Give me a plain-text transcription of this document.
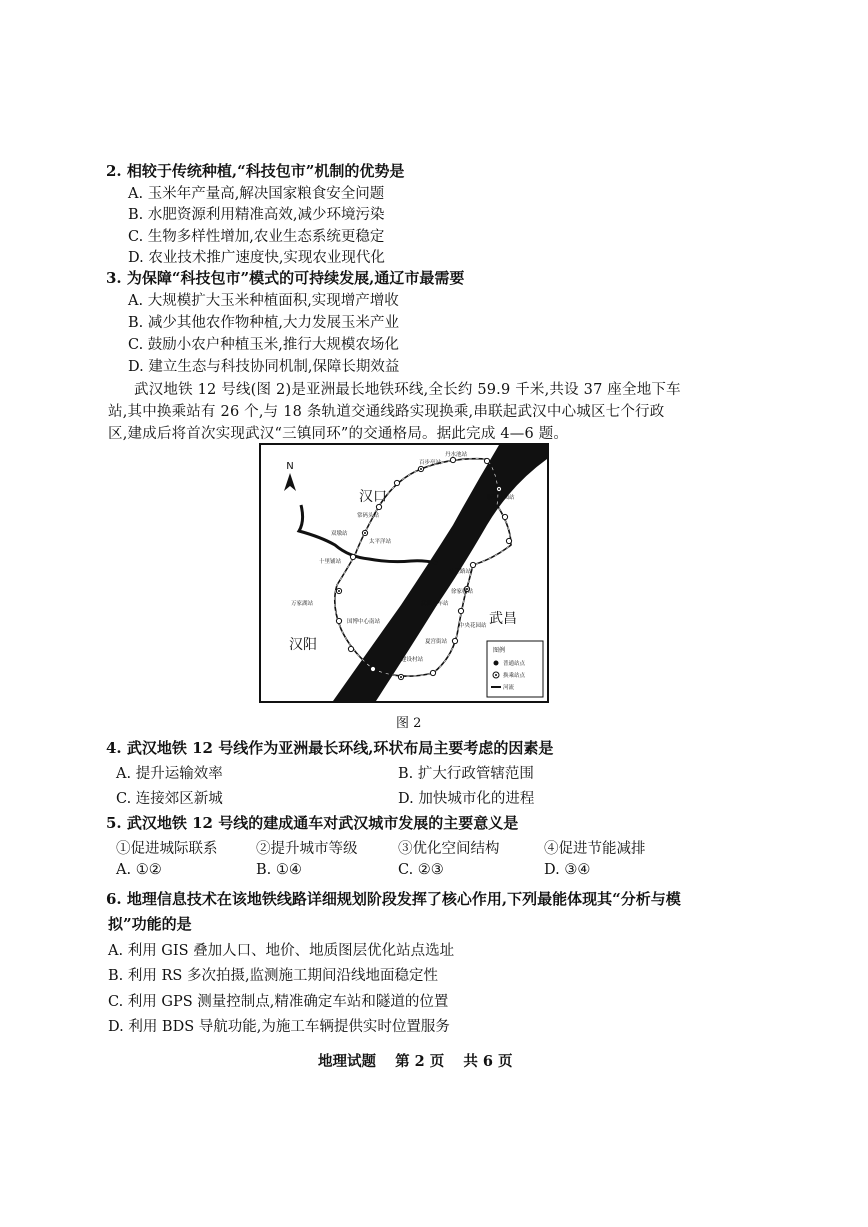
2. 相较于传统种植,“科技包市”机制的优势是
A. 玉米年产量高,解决国家粮食安全问题
B. 水肥资源利用精准高效,减少环境污染
C. 生物多样性增加,农业生态系统更稳定
D. 农业技术推广速度快,实现农业现代化
3. 为保障“科技包市”模式的可持续发展,通辽市最需要
A. 大规模扩大玉米种植面积,实现增产增收
B. 减少其他农作物种植,大力发展玉米产业
C. 鼓励小农户种植玉米,推行大规模农场化
D. 建立生态与科技协同机制,保障长期效益
武汉地铁 12 号线(图 2)是亚洲最长地铁环线,全长约 59.9 千米,共设 37 座全地下车
站,其中换乘站有 26 个,与 18 条轨道交通线路实现换乘,串联起武汉中心城区七个行政
区,建成后将首次实现武汉“三镇同环”的交通格局。据此完成 4—6 题。
N
汉口
汉阳
武昌
百步亭站
丹水池站
新荣公园站
常码头站
双墩站
太平洋站
十里铺站
公正路站
徐家棚站
万家湖站	武昌火车站
国博中心南站
中央花园站
夏宫街站
建设村站
图例
普通站点
换乘站点
河流
图 2
4. 武汉地铁 12 号线作为亚洲最长环线,环状布局主要考虑的因素是
A. 提升运输效率	B. 扩大行政管辖范围
C. 连接郊区新城	D. 加快城市化的进程
5. 武汉地铁 12 号线的建成通车对武汉城市发展的主要意义是
①促进城际联系	②提升城市等级	③优化空间结构	④促进节能减排
A. ①②	B. ①④	C. ②③	D. ③④
6. 地理信息技术在该地铁线路详细规划阶段发挥了核心作用,下列最能体现其“分析与模
拟”功能的是
A. 利用 GIS 叠加人口、地价、地质图层优化站点选址
B. 利用 RS 多次拍摄,监测施工期间沿线地面稳定性
C. 利用 GPS 测量控制点,精准确定车站和隧道的位置
D. 利用 BDS 导航功能,为施工车辆提供实时位置服务
地理试题 第 2 页 共 6 页
